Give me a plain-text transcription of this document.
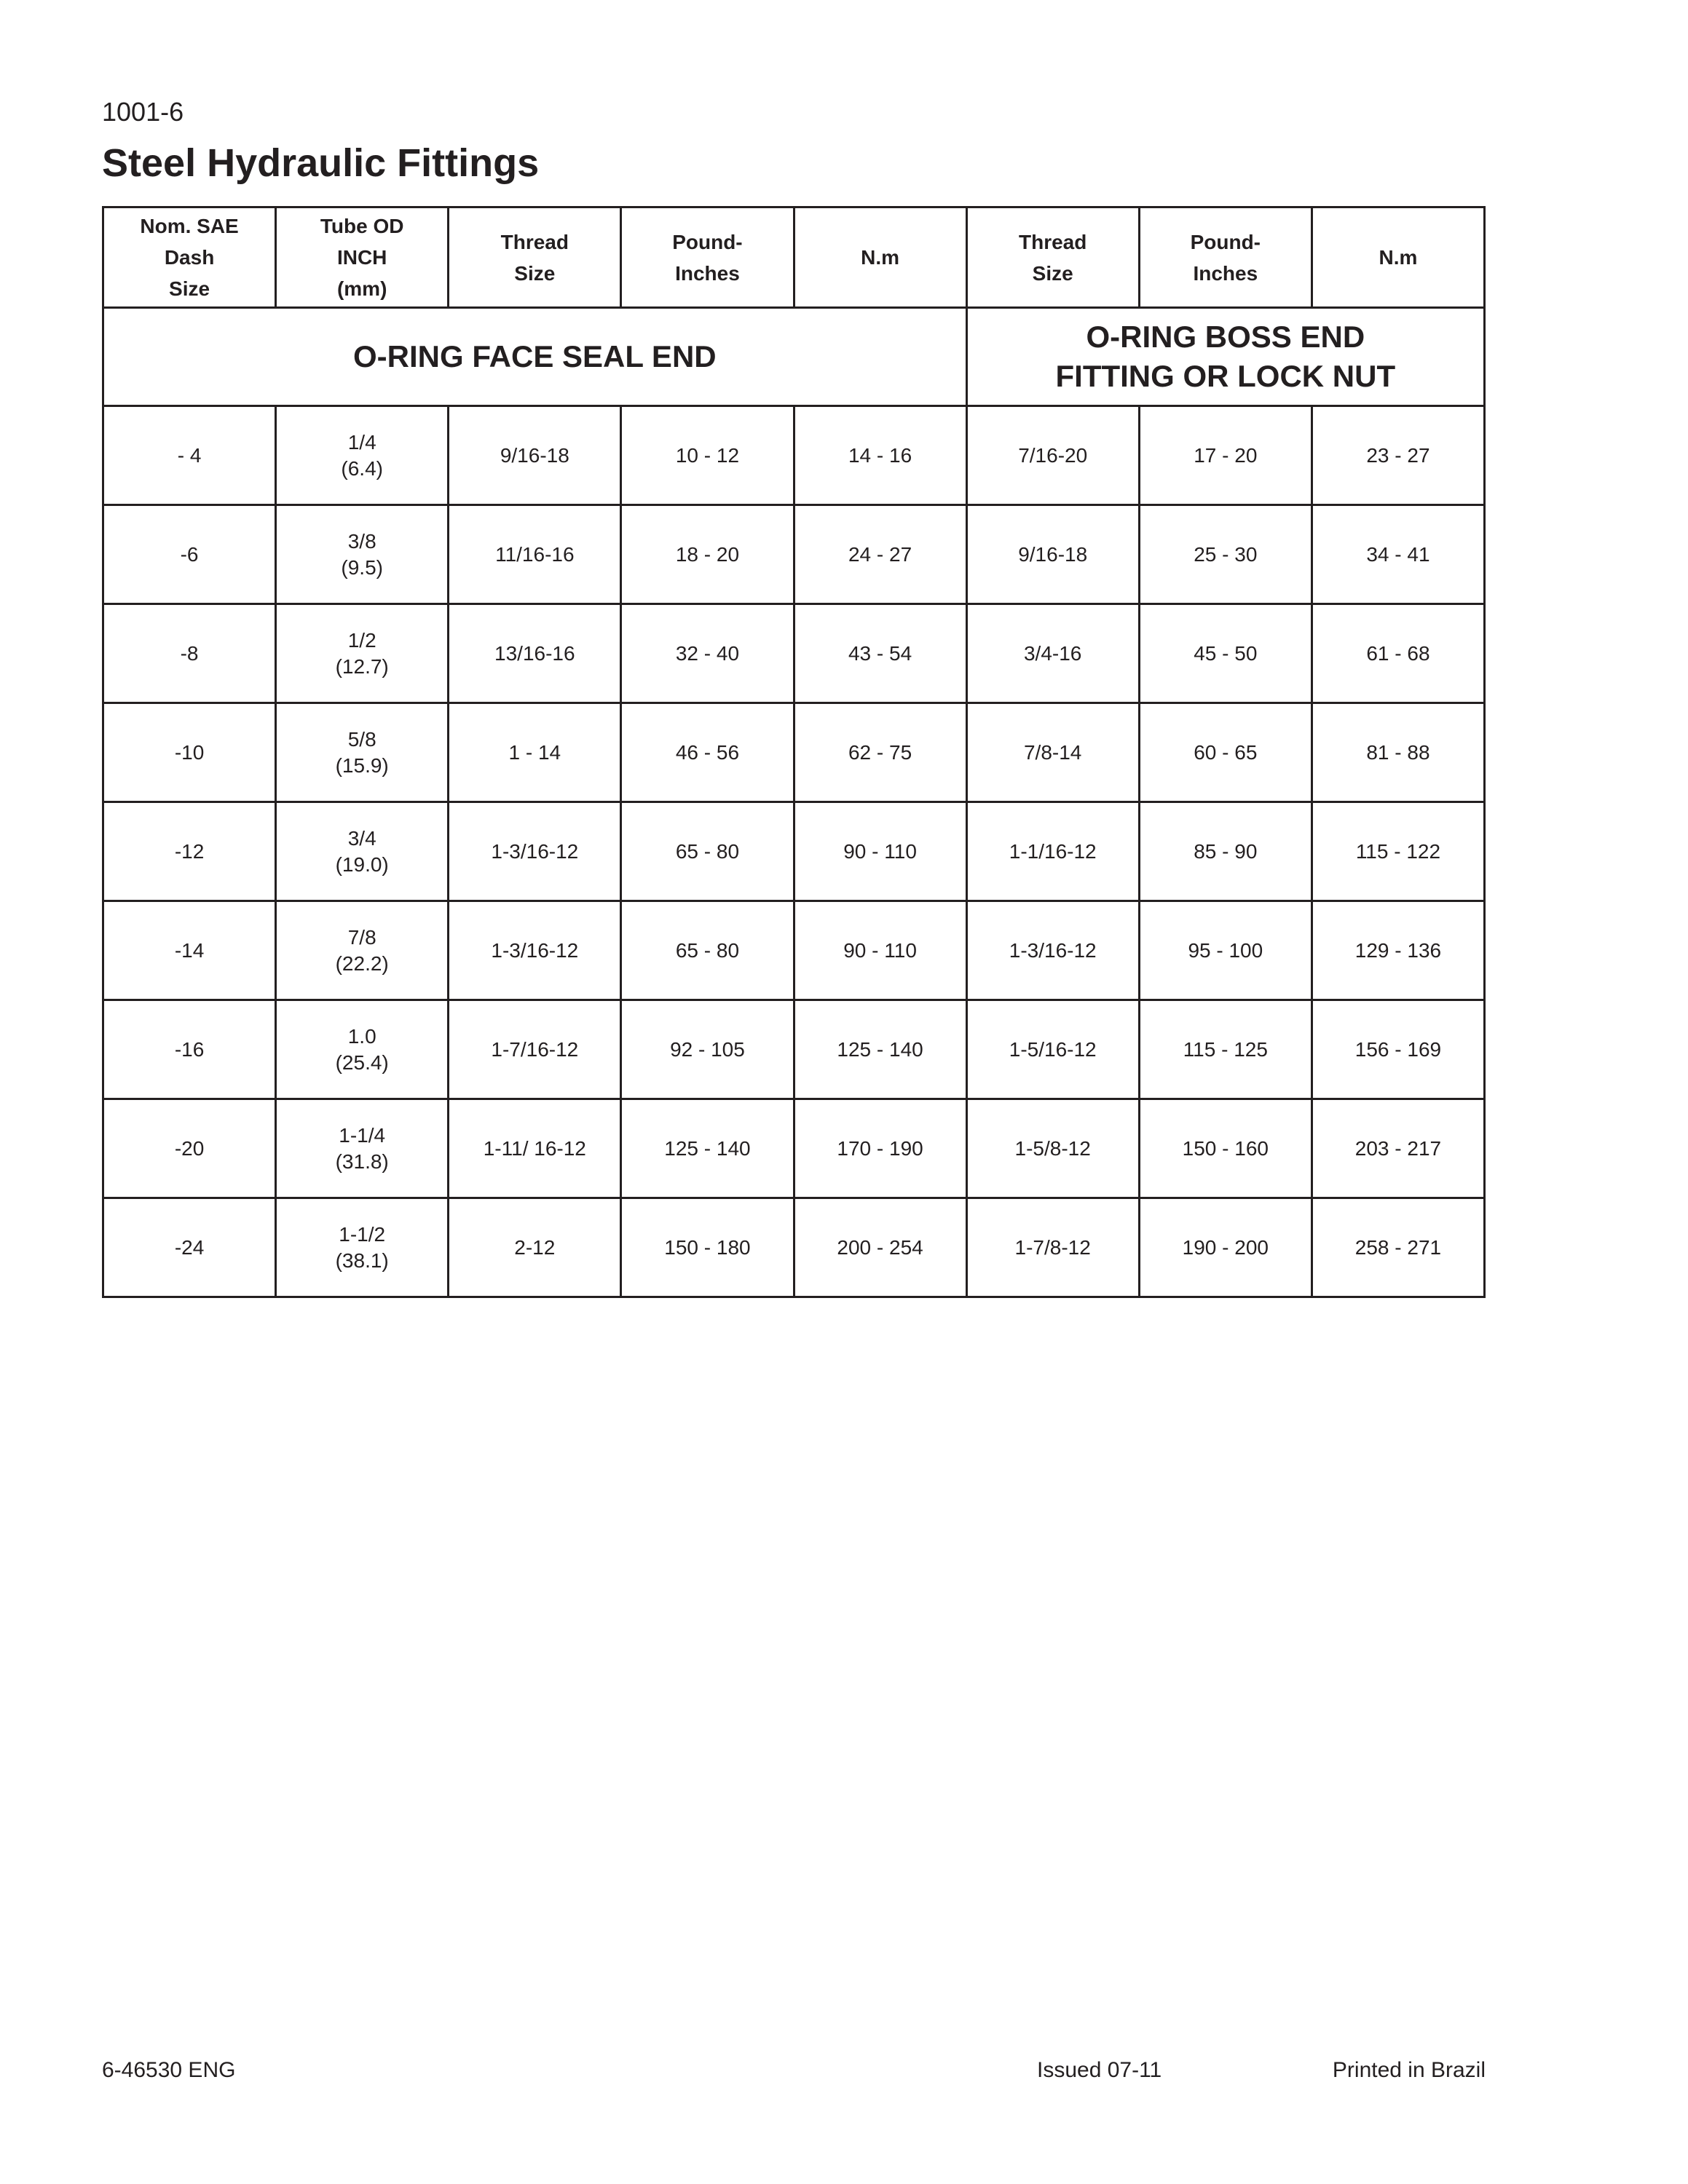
1001-6
Steel Hydraulic Fittings
Nom. SAE
Dash
Size	Tube OD
INCH
(mm)	Thread
Size	Pound-
Inches	N.m	Thread
Size	Pound-
Inches	N.m

O-RING FACE SEAL END					O-RING BOSS END
FITTING OR LOCK NUT		

- 4	1/4
(6.4)	9/16-18	10 - 12	14 - 16	7/16-20	17 - 20	23 - 27
-6	3/8
(9.5)	11/16-16	18 - 20	24 - 27	9/16-18	25 - 30	34 - 41
-8	1/2
(12.7)	13/16-16	32 - 40	43 - 54	3/4-16	45 - 50	61 - 68
-10	5/8
(15.9)	1 - 14	46 - 56	62 - 75	7/8-14	60 - 65	81 - 88
-12	3/4
(19.0)	1-3/16-12	65 - 80	90 - 110	1-1/16-12	85 - 90	115 - 122
-14	7/8
(22.2)	1-3/16-12	65 - 80	90 - 110	1-3/16-12	95 - 100	129 - 136
-16	1.0
(25.4)	1-7/16-12	92 - 105	125 - 140	1-5/16-12	115 - 125	156 - 169
-20	1-1/4
(31.8)	1-11/ 16-12	125 - 140	170 - 190	1-5/8-12	150 - 160	203 - 217
-24	1-1/2
(38.1)	2-12	150 - 180	200 - 254	1-7/8-12	190 - 200	258 - 271
6-46530 ENG	Issued 07-11	Printed in Brazil
